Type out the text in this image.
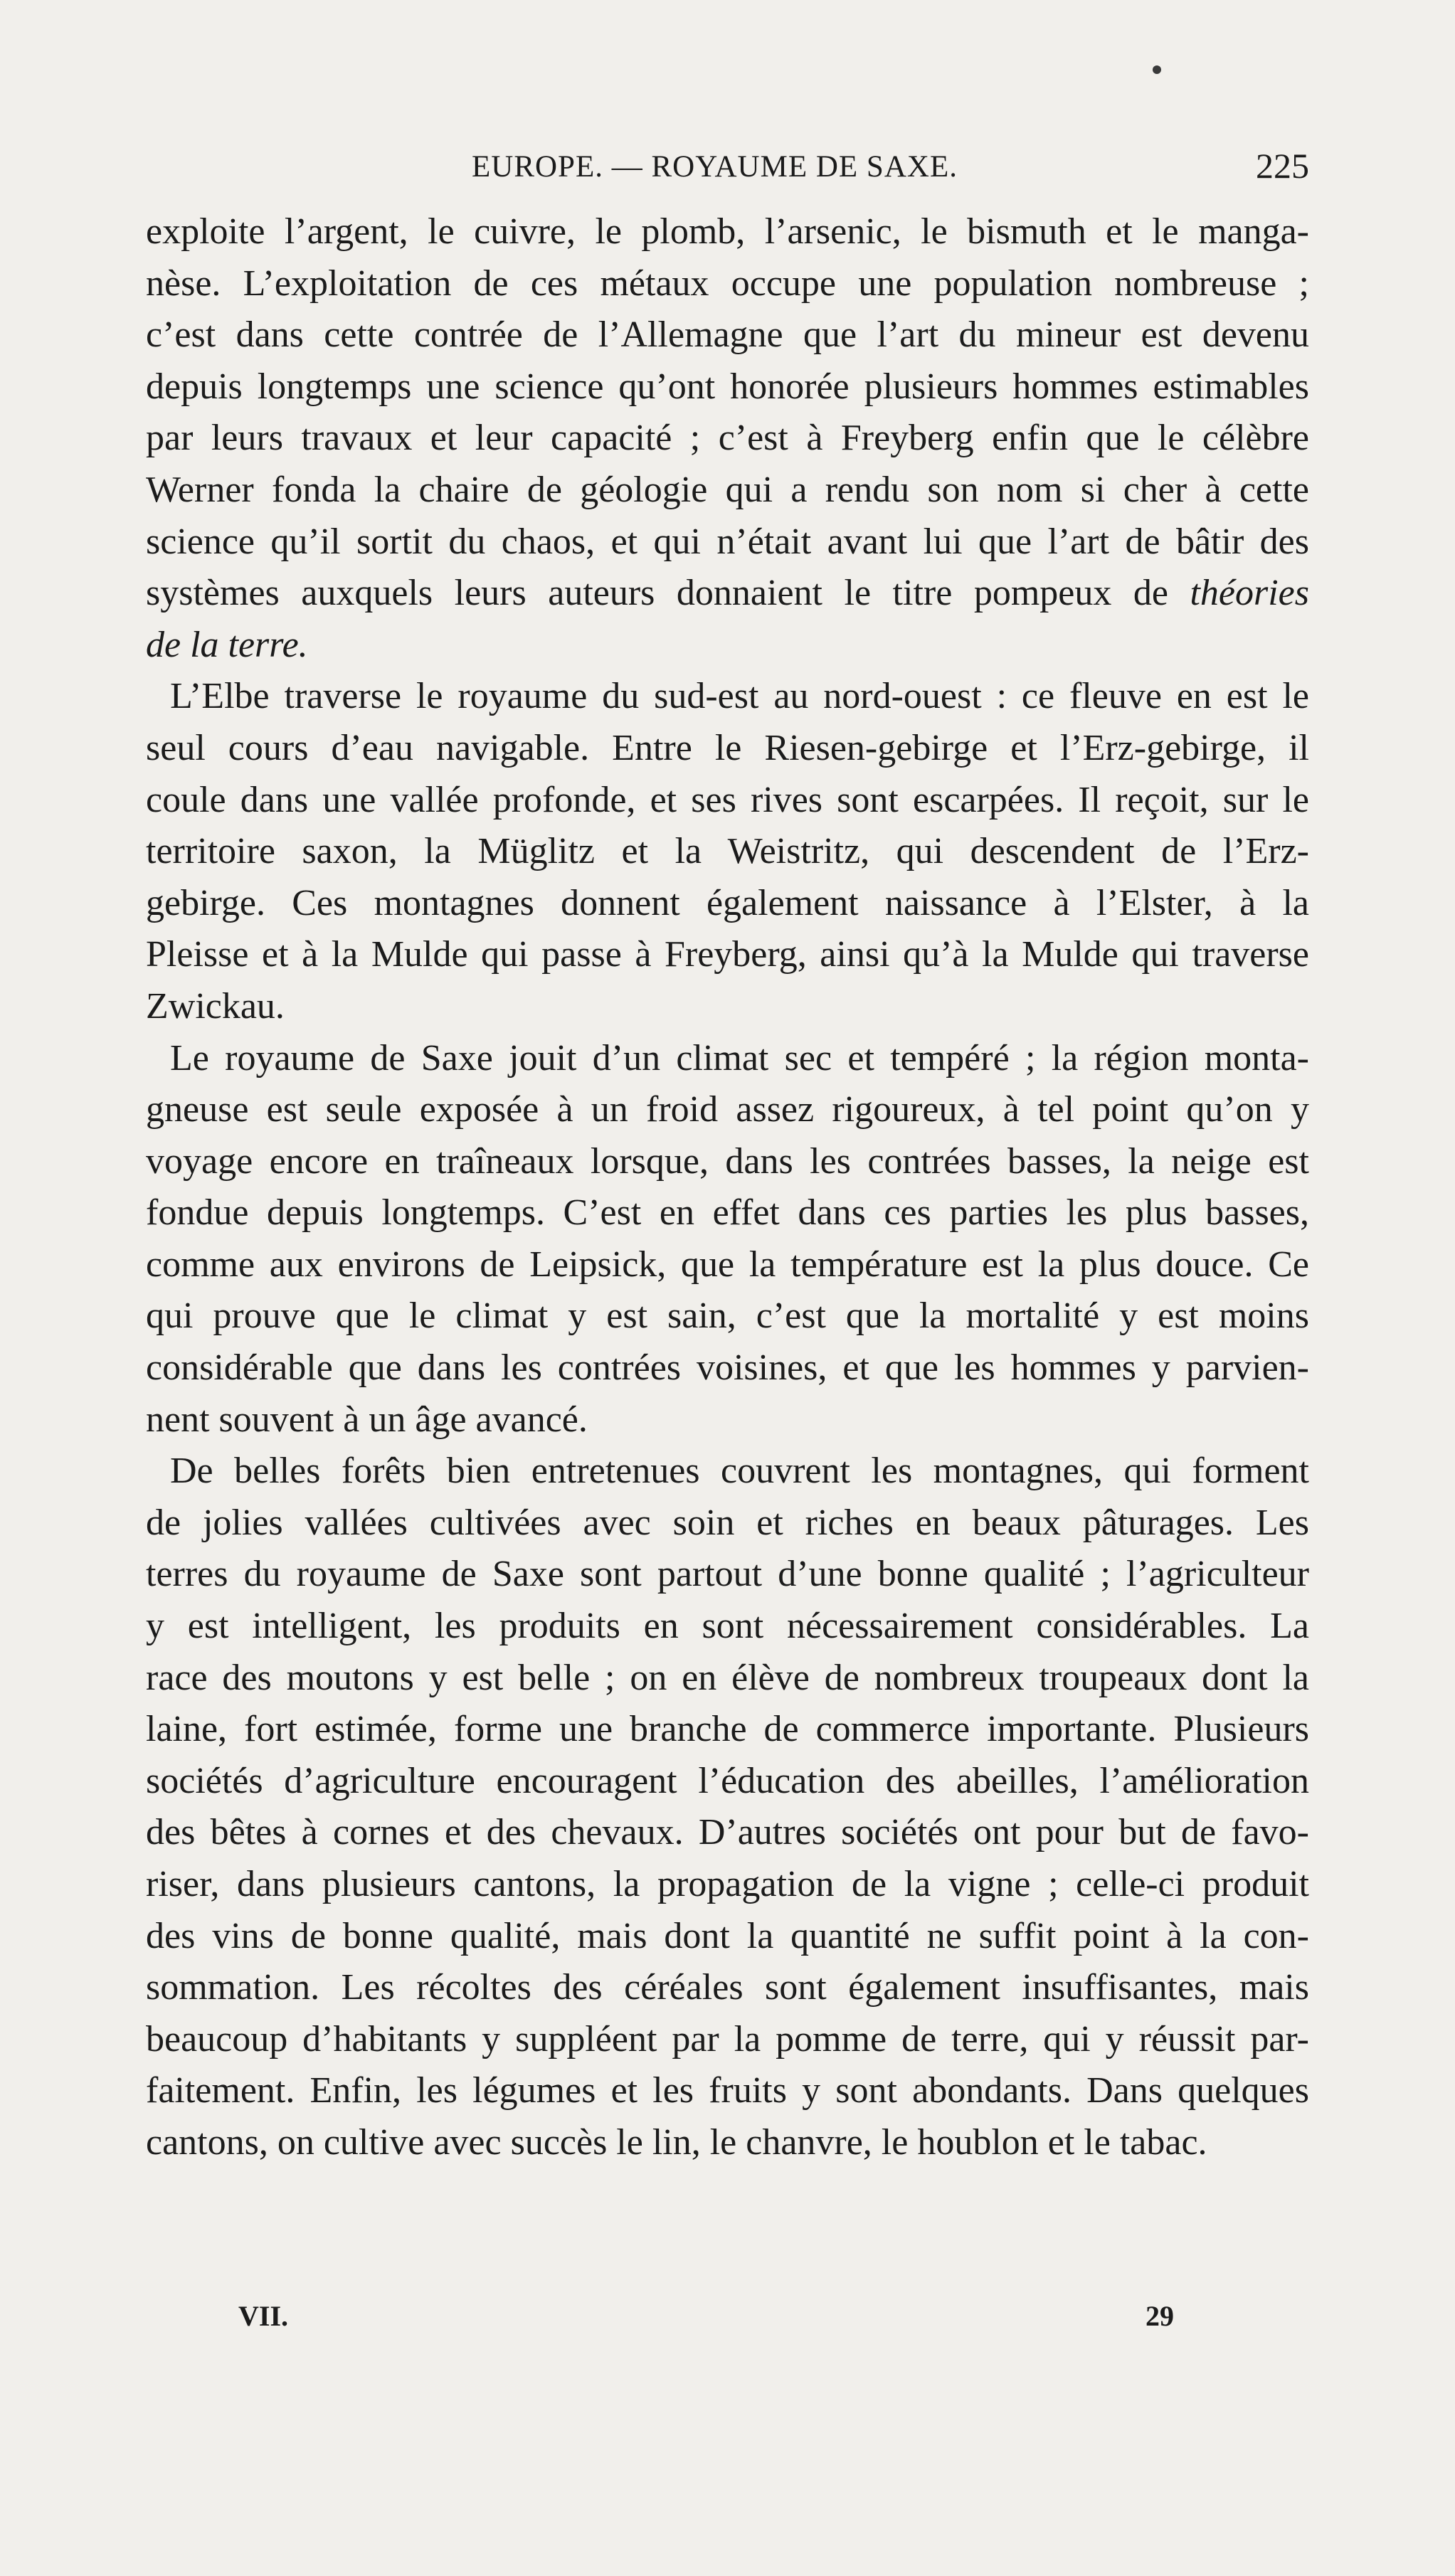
EUROPE. — ROYAUME DE SAXE.	225

exploite l’argent, le cuivre, le plomb, l’arsenic, le bismuth et le manga-
nèse. L’exploitation de ces métaux occupe une population nombreuse ;
c’est dans cette contrée de l’Allemagne que l’art du mineur est devenu
depuis longtemps une science qu’ont honorée plusieurs hommes estimables
par leurs travaux et leur capacité ; c’est à Freyberg enfin que le célèbre
Werner fonda la chaire de géologie qui a rendu son nom si cher à cette
science qu’il sortit du chaos, et qui n’était avant lui que l’art de bâtir des
systèmes auxquels leurs auteurs donnaient le titre pompeux de théories
de la terre.

L’Elbe traverse le royaume du sud-est au nord-ouest : ce fleuve en est le
seul cours d’eau navigable. Entre le Riesen-gebirge et l’Erz-gebirge, il
coule dans une vallée profonde, et ses rives sont escarpées. Il reçoit, sur le
territoire saxon, la Müglitz et la Weistritz, qui descendent de l’Erz-
gebirge. Ces montagnes donnent également naissance à l’Elster, à la
Pleisse et à la Mulde qui passe à Freyberg, ainsi qu’à la Mulde qui traverse
Zwickau.

Le royaume de Saxe jouit d’un climat sec et tempéré ; la région monta-
gneuse est seule exposée à un froid assez rigoureux, à tel point qu’on y
voyage encore en traîneaux lorsque, dans les contrées basses, la neige est
fondue depuis longtemps. C’est en effet dans ces parties les plus basses,
comme aux environs de Leipsick, que la température est la plus douce. Ce
qui prouve que le climat y est sain, c’est que la mortalité y est moins
considérable que dans les contrées voisines, et que les hommes y parvien-
nent souvent à un âge avancé.

De belles forêts bien entretenues couvrent les montagnes, qui forment
de jolies vallées cultivées avec soin et riches en beaux pâturages. Les
terres du royaume de Saxe sont partout d’une bonne qualité ; l’agriculteur
y est intelligent, les produits en sont nécessairement considérables. La
race des moutons y est belle ; on en élève de nombreux troupeaux dont la
laine, fort estimée, forme une branche de commerce importante. Plusieurs
sociétés d’agriculture encouragent l’éducation des abeilles, l’amélioration
des bêtes à cornes et des chevaux. D’autres sociétés ont pour but de favo-
riser, dans plusieurs cantons, la propagation de la vigne ; celle-ci produit
des vins de bonne qualité, mais dont la quantité ne suffit point à la con-
sommation. Les récoltes des céréales sont également insuffisantes, mais
beaucoup d’habitants y suppléent par la pomme de terre, qui y réussit par-
faitement. Enfin, les légumes et les fruits y sont abondants. Dans quelques
cantons, on cultive avec succès le lin, le chanvre, le houblon et le tabac.

VII.	29
